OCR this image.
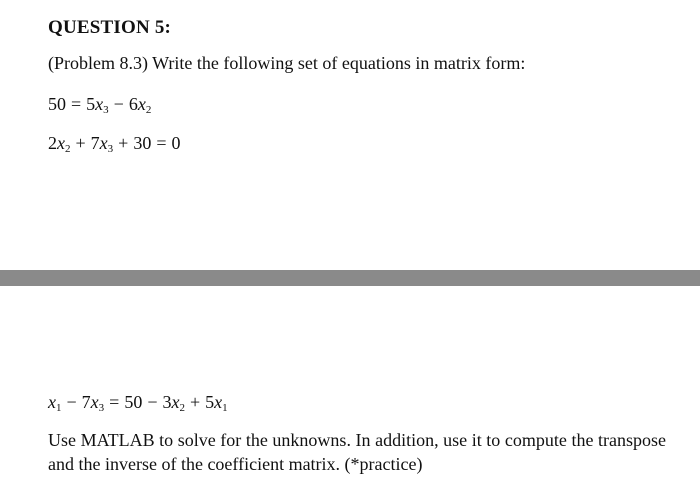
QUESTION 5:
(Problem 8.3) Write the following set of equations in matrix form:
$50 = 5x_3 - 6x_2$
$2x_2 + 7x_3 + 30 = 0$
$x_1 - 7x_3 = 50 - 3x_2 + 5x_1$
Use MATLAB to solve for the unknowns. In addition, use it to compute the transpose and the inverse of the coefficient matrix. (*practice)
